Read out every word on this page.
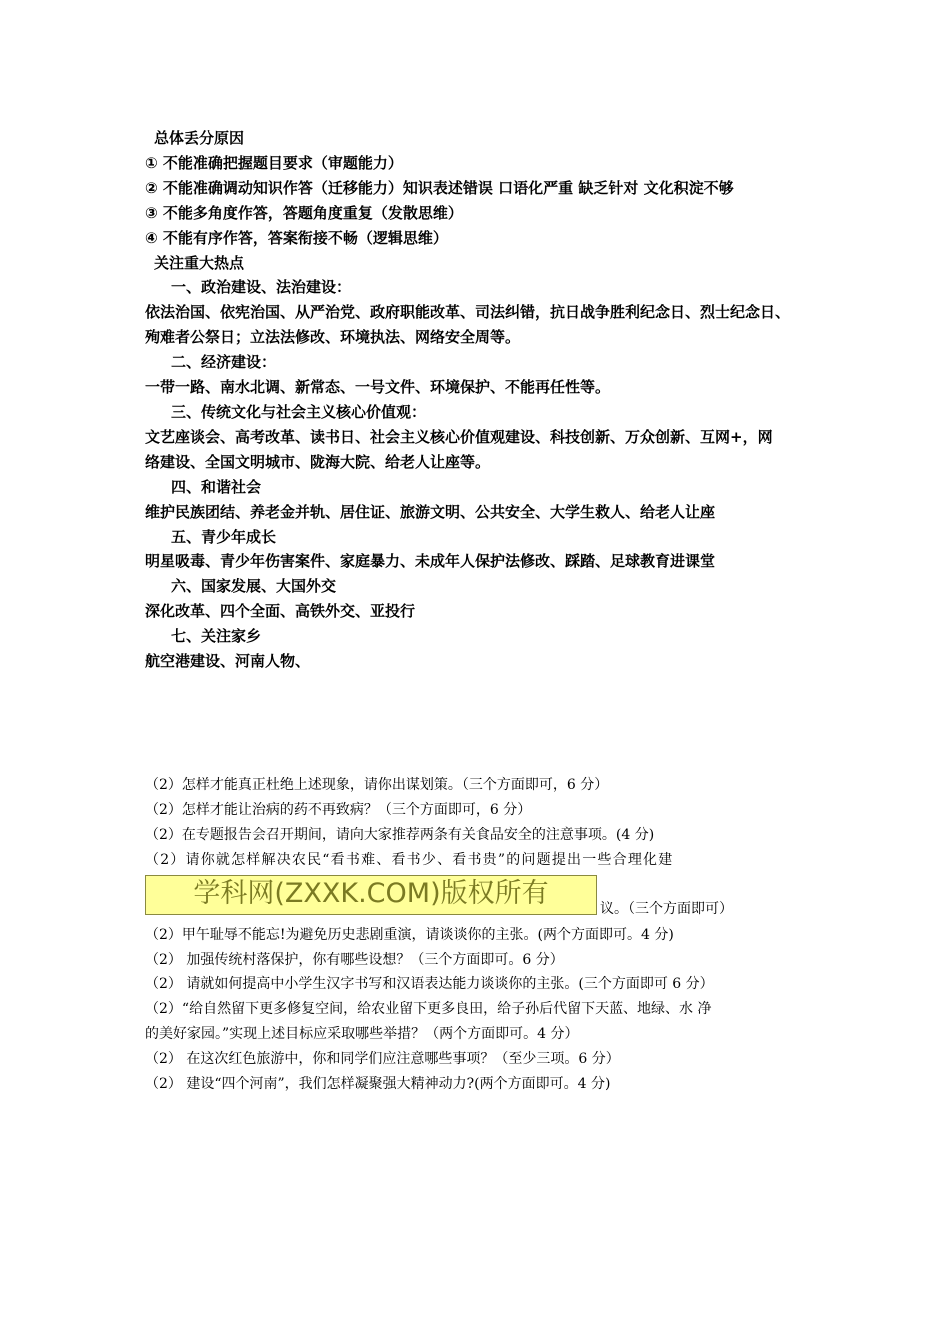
总体丢分原因
① 不能准确把握题目要求（审题能力）
② 不能准确调动知识作答（迁移能力）知识表述错误 口语化严重 缺乏针对 文化积淀不够
③ 不能多角度作答，答题角度重复（发散思维）
④ 不能有序作答，答案衔接不畅（逻辑思维）
关注重大热点
一、政治建设、法治建设：
依法治国、依宪治国、从严治党、政府职能改革、司法纠错，抗日战争胜利纪念日、烈士纪念日、
殉难者公祭日；立法法修改、环境执法、网络安全周等。
二、经济建设：
一带一路、南水北调、新常态、一号文件、环境保护、不能再任性等。
三、传统文化与社会主义核心价值观：
文艺座谈会、高考改革、读书日、社会主义核心价值观建设、科技创新、万众创新、互网+，网
络建设、全国文明城市、陇海大院、给老人让座等。
四、和谐社会
维护民族团结、养老金并轨、居住证、旅游文明、公共安全、大学生救人、给老人让座
五、青少年成长
明星吸毒、青少年伤害案件、家庭暴力、未成年人保护法修改、踩踏、足球教育进课堂
六、国家发展、大国外交
深化改革、四个全面、高铁外交、亚投行
七、关注家乡
航空港建设、河南人物、
（2）怎样才能真正杜绝上述现象，请你出谋划策。（三个方面即可，6 分）
（2）怎样才能让治病的药不再致病？（三个方面即可，6 分）
（2）在专题报告会召开期间，请向大家推荐两条有关食品安全的注意事项。(4 分)
（2）请你就怎样解决农民“看书难、看书少、看书贵”的问题提出一些合理化建
学科网(ZXXK.COM)版权所有	议。（三个方面即可）
（2）甲午耻辱不能忘!为避免历史悲剧重演，请谈谈你的主张。(两个方面即可。4 分)
（2） 加强传统村落保护，你有哪些设想？（三个方面即可。6 分）
（2） 请就如何提高中小学生汉字书写和汉语表达能力谈谈你的主张。(三个方面即可 6 分）
（2）“给自然留下更多修复空间，给农业留下更多良田，给子孙后代留下天蓝、地绿、水 净
的美好家园。”实现上述目标应采取哪些举措？（两个方面即可。4 分）
（2） 在这次红色旅游中，你和同学们应注意哪些事项？（至少三项。6 分）
（2） 建设“四个河南”，我们怎样凝聚强大精神动力?(两个方面即可。4 分)
